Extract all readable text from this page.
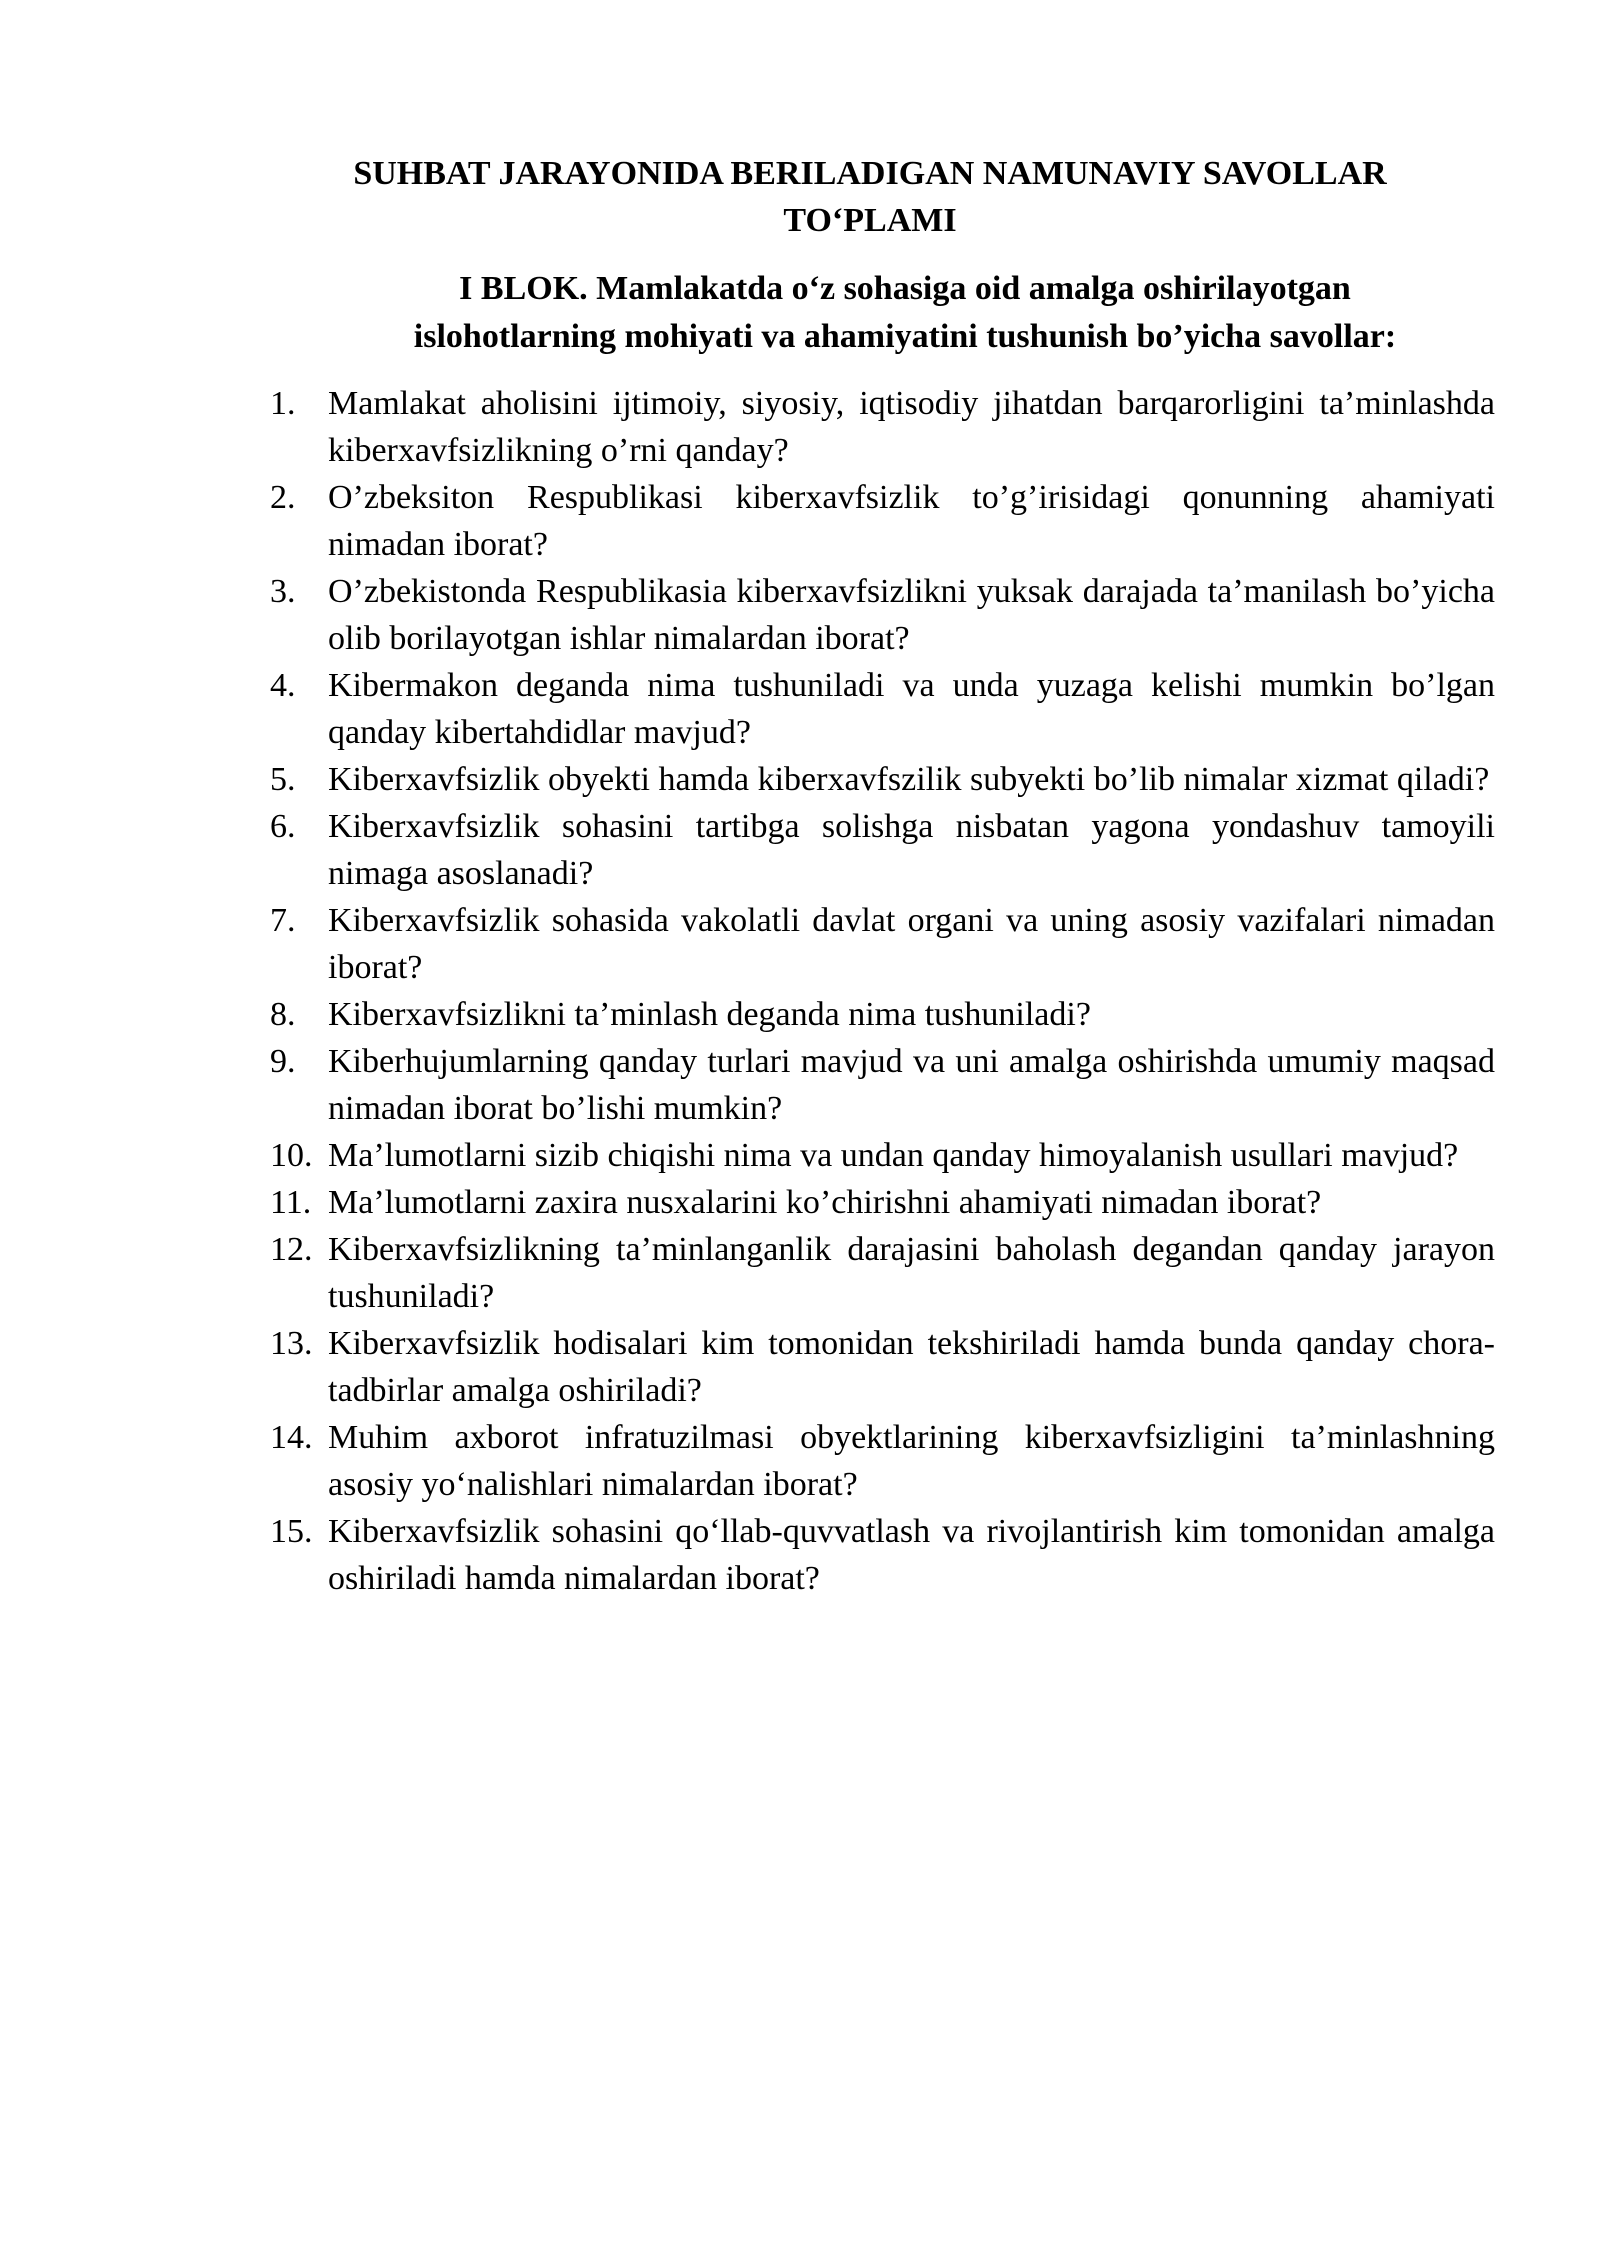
SUHBAT JARAYONIDA BERILADIGAN NAMUNAVIY SAVOLLAR
TO‘PLAMI
I BLOK. Mamlakatda o‘z sohasiga oid amalga oshirilayotgan
islohotlarning mohiyati va ahamiyatini tushunish bo’yicha savollar:
1. Mamlakat aholisini ijtimoiy, siyosiy, iqtisodiy jihatdan barqarorligini ta’minlashda kiberxavfsizlikning o’rni qanday?
2. O’zbeksiton Respublikasi kiberxavfsizlik to’g’irisidagi qonunning ahamiyati nimadan iborat?
3. O’zbekistonda Respublikasia kiberxavfsizlikni yuksak darajada ta’manilash bo’yicha olib borilayotgan ishlar nimalardan iborat?
4. Kibermakon deganda nima tushuniladi va unda yuzaga kelishi mumkin bo’lgan qanday kibertahdidlar mavjud?
5. Kiberxavfsizlik obyekti hamda kiberxavfszilik subyekti bo’lib nimalar xizmat qiladi?
6. Kiberxavfsizlik sohasini tartibga solishga nisbatan yagona yondashuv tamoyili nimaga asoslanadi?
7. Kiberxavfsizlik sohasida vakolatli davlat organi va uning asosiy vazifalari nimadan iborat?
8. Kiberxavfsizlikni ta’minlash deganda nima tushuniladi?
9. Kiberhujumlarning qanday turlari mavjud va uni amalga oshirishda umumiy maqsad nimadan iborat bo’lishi mumkin?
10. Ma’lumotlarni sizib chiqishi nima va undan qanday himoyalanish usullari mavjud?
11. Ma’lumotlarni zaxira nusxalarini ko’chirishni ahamiyati nimadan iborat?
12. Kiberxavfsizlikning ta’minlanganlik darajasini baholash degandan qanday jarayon tushuniladi?
13. Kiberxavfsizlik hodisalari kim tomonidan tekshiriladi hamda bunda qanday chora-tadbirlar amalga oshiriladi?
14. Muhim axborot infratuzilmasi obyektlarining kiberxavfsizligini ta’minlashning asosiy yo‘nalishlari nimalardan iborat?
15. Kiberxavfsizlik sohasini qo‘llab-quvvatlash va rivojlantirish kim tomonidan amalga oshiriladi hamda nimalardan iborat?
